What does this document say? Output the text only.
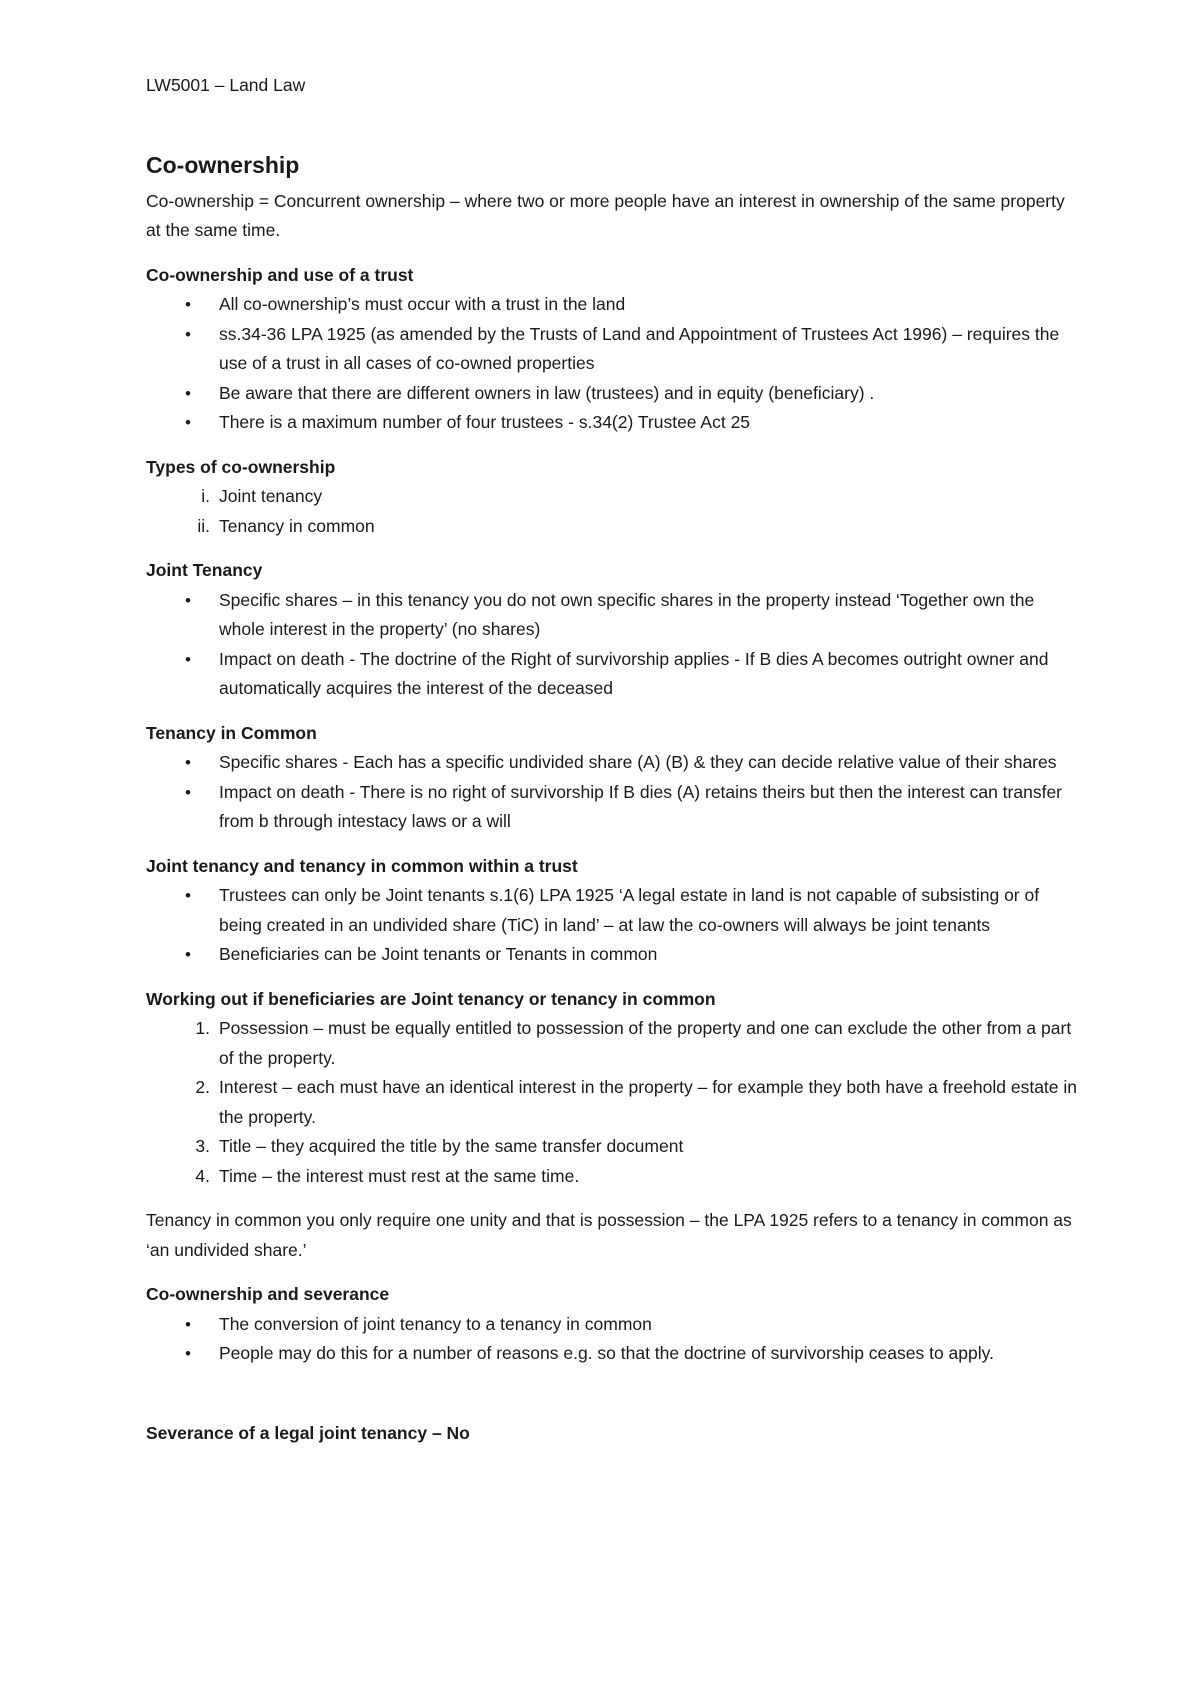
LW5001 – Land Law
Co-ownership
Co-ownership = Concurrent ownership – where two or more people have an interest in ownership of the same property at the same time.
Co-ownership and use of a trust
• All co-ownership’s must occur with a trust in the land
• ss.34-36 LPA 1925 (as amended by the Trusts of Land and Appointment of Trustees Act 1996) – requires the use of a trust in all cases of co-owned properties
• Be aware that there are different owners in law (trustees) and in equity (beneficiary) .
• There is a maximum number of four trustees - s.34(2) Trustee Act 25
Types of co-ownership
i. Joint tenancy
ii. Tenancy in common
Joint Tenancy
• Specific shares – in this tenancy you do not own specific shares in the property instead ‘Together own the whole interest in the property’ (no shares)
• Impact on death - The doctrine of the Right of survivorship applies - If B dies A becomes outright owner and automatically acquires the interest of the deceased
Tenancy in Common
• Specific shares - Each has a specific undivided share (A) (B) & they can decide relative value of their shares
• Impact on death - There is no right of survivorship If B dies (A) retains theirs but then the interest can transfer from b through intestacy laws or a will
Joint tenancy and tenancy in common within a trust
• Trustees can only be Joint tenants s.1(6) LPA 1925 ‘A legal estate in land is not capable of subsisting or of being created in an undivided share (TiC) in land’ – at law the co-owners will always be joint tenants
• Beneficiaries can be Joint tenants or Tenants in common
Working out if beneficiaries are Joint tenancy or tenancy in common
1. Possession – must be equally entitled to possession of the property and one can exclude the other from a part of the property.
2. Interest – each must have an identical interest in the property – for example they both have a freehold estate in the property.
3. Title – they acquired the title by the same transfer document
4. Time – the interest must rest at the same time.
Tenancy in common you only require one unity and that is possession – the LPA 1925 refers to a tenancy in common as ‘an undivided share.’
Co-ownership and severance
• The conversion of joint tenancy to a tenancy in common
• People may do this for a number of reasons e.g. so that the doctrine of survivorship ceases to apply.
Severance of a legal joint tenancy – No
